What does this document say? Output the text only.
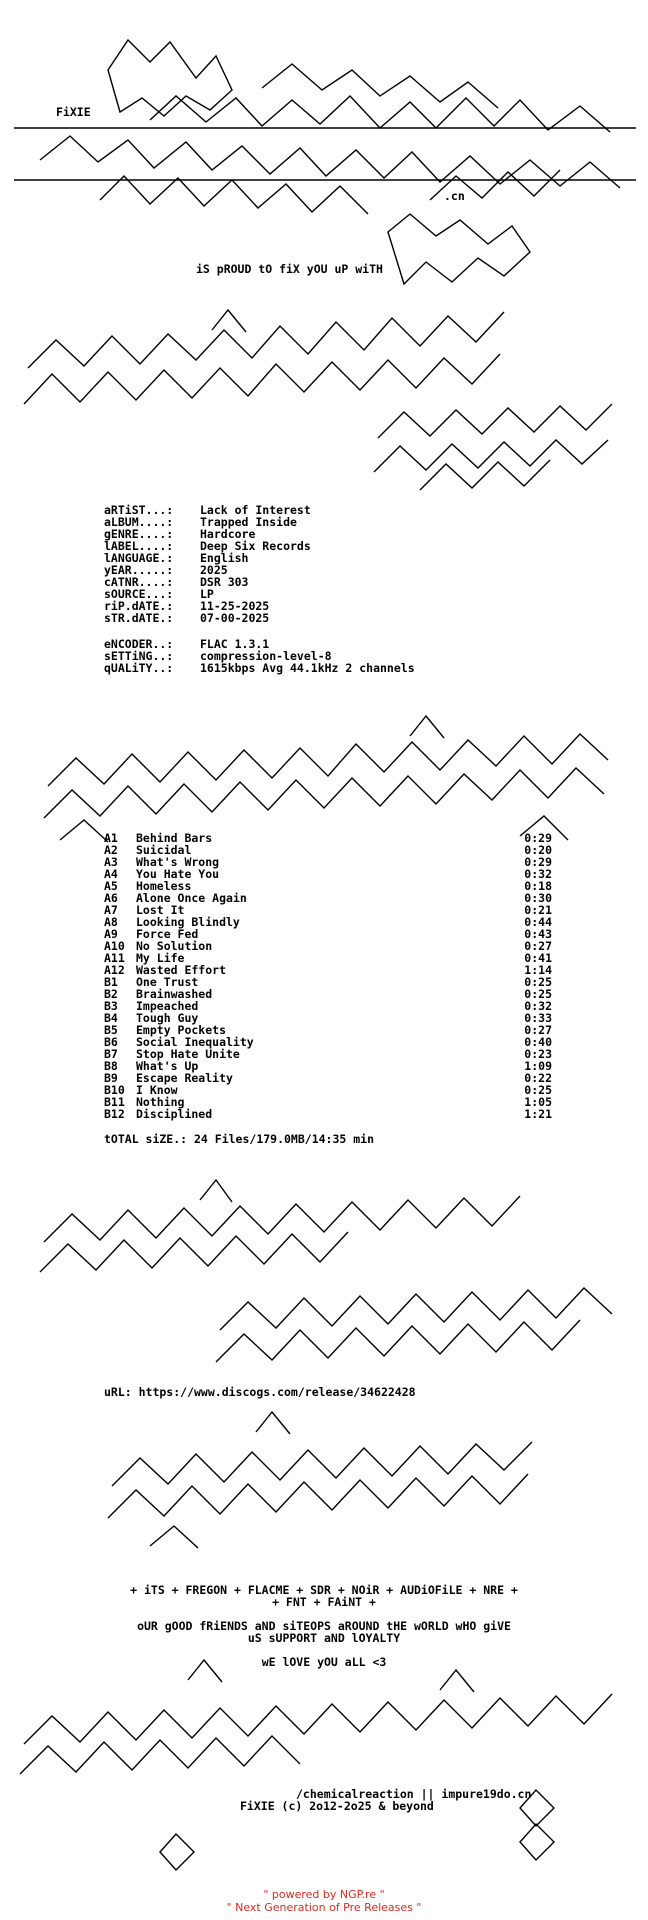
FiXIE
.cn
iS pROUD tO fiX yOU uP wiTH
aRTiST...:	Lack of Interest
aLBUM....:	Trapped Inside
gENRE....:	Hardcore
lABEL....:	Deep Six Records
lANGUAGE.:	English
yEAR.....:	2025
cATNR....:	DSR 303
sOURCE...:	LP
riP.dATE.:	11-25-2025
sTR.dATE.:	07-00-2025
eNCODER..:	FLAC 1.3.1
sETTiNG..:	compression-level-8
qUALiTY..:	1615kbps Avg 44.1kHz 2 channels
A1	Behind Bars	0:29
A2	Suicidal	0:20
A3	What's Wrong	0:29
A4	You Hate You	0:32
A5	Homeless	0:18
A6	Alone Once Again	0:30
A7	Lost It	0:21
A8	Looking Blindly	0:44
A9	Force Fed	0:43
A10 No Solution	0:27
A11 My Life	0:41
A12 Wasted Effort	1:14
B1	One Trust	0:25
B2	Brainwashed	0:25
B3	Impeached	0:32
B4	Tough Guy	0:33
B5	Empty Pockets	0:27
B6	Social Inequality	0:40
B7	Stop Hate Unite	0:23
B8	What's Up	1:09
B9	Escape Reality	0:22
B10 I Know	0:25
B11 Nothing	1:05
B12 Disciplined	1:21
tOTAL siZE.: 24 Files/179.0MB/14:35 min
uRL: https://www.discogs.com/release/34622428
+ iTS + FREGON + FLACME + SDR + NOiR + AUDiOFiLE + NRE +
+ FNT + FAiNT +
oUR gOOD fRiENDS aND siTEOPS aROUND tHE wORLD wHO giVE
uS sUPPORT aND lOYALTY
wE lOVE yOU aLL <3
/chemicalreaction || impure19do.cn
FiXIE (c) 2o12-2o25 & beyond
" powered by NGP.re "
" Next Generation of Pre Releases "
